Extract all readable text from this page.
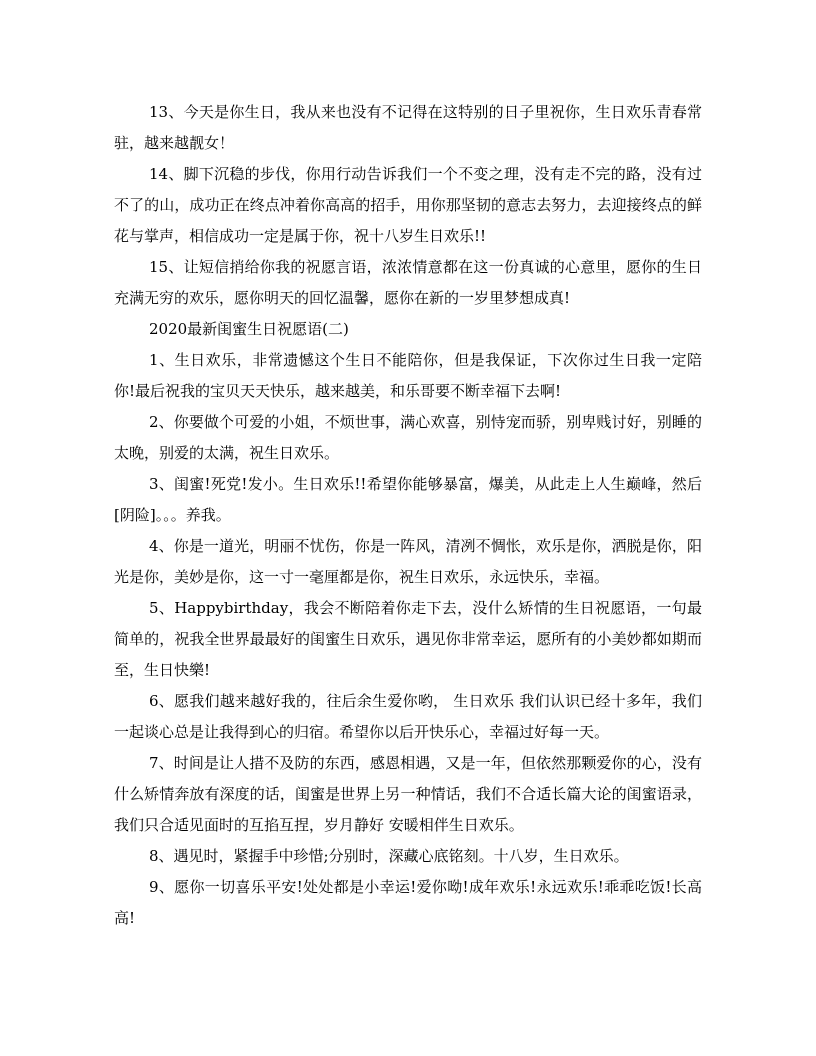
13、今天是你生日，我从来也没有不记得在这特别的日子里祝你，生日欢乐青春常驻，越来越靓女！

14、脚下沉稳的步伐，你用行动告诉我们一个不变之理，没有走不完的路，没有过不了的山，成功正在终点冲着你高高的招手，用你那坚韧的意志去努力，去迎接终点的鲜花与掌声，相信成功一定是属于你，祝十八岁生日欢乐!!

15、让短信捎给你我的祝愿言语，浓浓情意都在这一份真诚的心意里，愿你的生日充满无穷的欢乐，愿你明天的回忆温馨，愿你在新的一岁里梦想成真!

2020最新闺蜜生日祝愿语(二)

1、生日欢乐，非常遗憾这个生日不能陪你，但是我保证，下次你过生日我一定陪你!最后祝我的宝贝天天快乐，越来越美，和乐哥要不断幸福下去啊!

2、你要做个可爱的小姐，不烦世事，满心欢喜，别恃宠而骄，别卑贱讨好，别睡的太晚，别爱的太满，祝生日欢乐。

3、闺蜜!死党!发小。生日欢乐!!希望你能够暴富，爆美，从此走上人生巅峰，然后[阴险]。。。养我。

4、你是一道光，明丽不忧伤，你是一阵风，清冽不惆怅，欢乐是你，洒脱是你，阳光是你，美妙是你，这一寸一毫厘都是你，祝生日欢乐，永远快乐，幸福。

5、Happybirthday，我会不断陪着你走下去，没什么矫情的生日祝愿语，一句最简单的，祝我全世界最最好的闺蜜生日欢乐，遇见你非常幸运，愿所有的小美妙都如期而至，生日快樂!

6、愿我们越来越好我的，往后余生爱你哟， 生日欢乐 我们认识已经十多年，我们一起谈心总是让我得到心的归宿。希望你以后开快乐心，幸福过好每一天。

7、时间是让人措不及防的东西，感恩相遇，又是一年，但依然那颗爱你的心，没有什么矫情奔放有深度的话，闺蜜是世界上另一种情话，我们不合适长篇大论的闺蜜语录，我们只合适见面时的互掐互捏，岁月静好 安暖相伴生日欢乐。

8、遇见时，紧握手中珍惜;分别时，深藏心底铭刻。十八岁，生日欢乐。

9、愿你一切喜乐平安!处处都是小幸运!爱你呦!成年欢乐!永远欢乐!乖乖吃饭!长高高!
